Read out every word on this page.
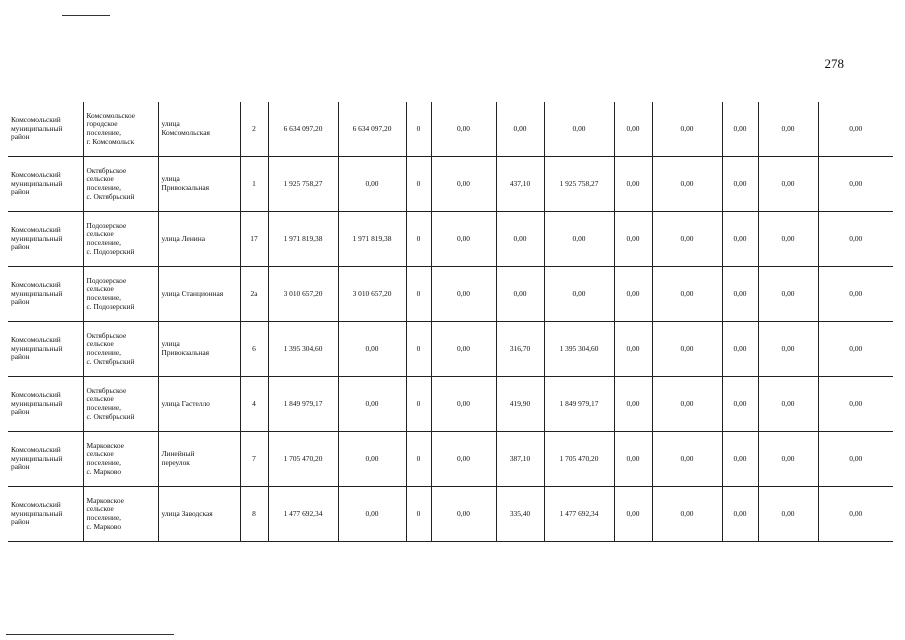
278
Комсомольский
муниципальный
район	Комсомольское
городское
поселение,
г. Комсомольск	улица
Комсомольская	2	6 634 097,20	6 634 097,20	0	0,00	0,00	0,00	0,00	0,00	0,00	0,00	0,00

Комсомольский
муниципальный
район	Октябрьское
сельское
поселение,
с. Октябрьский	улица
Привокзальная	1	1 925 758,27	0,00	0	0,00	437,10	1 925 758,27	0,00	0,00	0,00	0,00	0,00

Комсомольский
муниципальный
район	Подозерское
сельское
поселение,
с. Подозерский	улица Ленина	17	1 971 819,38	1 971 819,38	0	0,00	0,00	0,00	0,00	0,00	0,00	0,00	0,00

Комсомольский
муниципальный
район	Подозерское
сельское
поселение,
с. Подозерский	улица Станционная	2а	3 010 657,20	3 010 657,20	0	0,00	0,00	0,00	0,00	0,00	0,00	0,00	0,00

Комсомольский
муниципальный
район	Октябрьское
сельское
поселение,
с. Октябрьский	улица
Привокзальная	6	1 395 304,60	0,00	0	0,00	316,70	1 395 304,60	0,00	0,00	0,00	0,00	0,00

Комсомольский
муниципальный
район	Октябрьское
сельское
поселение,
с. Октябрьский	улица Гастелло	4	1 849 979,17	0,00	0	0,00	419,90	1 849 979,17	0,00	0,00	0,00	0,00	0,00

Комсомольский
муниципальный
район	Марковское
сельское
поселение,
с. Марково	Линейный
переулок	7	1 705 470,20	0,00	0	0,00	387,10	1 705 470,20	0,00	0,00	0,00	0,00	0,00

Комсомольский
муниципальный
район	Марковское
сельское
поселение,
с. Марково	улица Заводская	8	1 477 692,34	0,00	0	0,00	335,40	1 477 692,34	0,00	0,00	0,00	0,00	0,00
